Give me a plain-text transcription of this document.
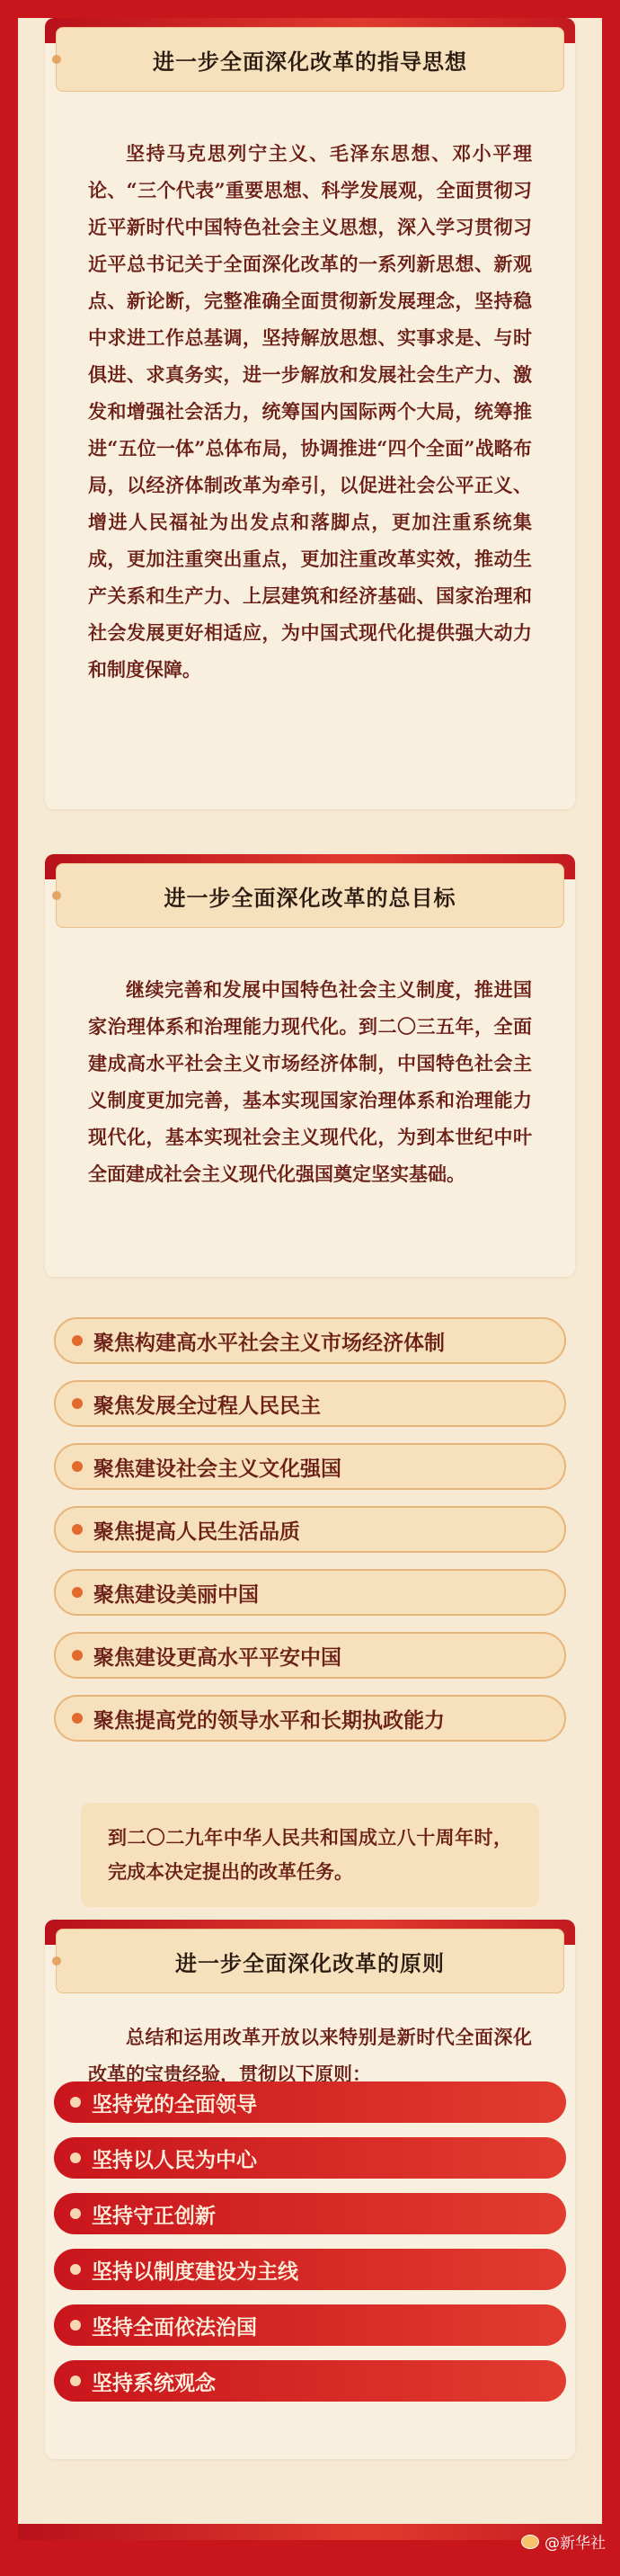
进一步全面深化改革的指导思想
坚持马克思列宁主义、毛泽东思想、邓小平理论、“三个代表”重要思想、科学发展观，全面贯彻习近平新时代中国特色社会主义思想，深入学习贯彻习近平总书记关于全面深化改革的一系列新思想、新观点、新论断，完整准确全面贯彻新发展理念，坚持稳中求进工作总基调，坚持解放思想、实事求是、与时俱进、求真务实，进一步解放和发展社会生产力、激发和增强社会活力，统筹国内国际两个大局，统筹推进“五位一体”总体布局，协调推进“四个全面”战略布局，以经济体制改革为牵引，以促进社会公平正义、增进人民福祉为出发点和落脚点，更加注重系统集成，更加注重突出重点，更加注重改革实效，推动生产关系和生产力、上层建筑和经济基础、国家治理和社会发展更好相适应，为中国式现代化提供强大动力和制度保障。
进一步全面深化改革的总目标
继续完善和发展中国特色社会主义制度，推进国家治理体系和治理能力现代化。到二〇三五年，全面建成高水平社会主义市场经济体制，中国特色社会主义制度更加完善，基本实现国家治理体系和治理能力现代化，基本实现社会主义现代化，为到本世纪中叶全面建成社会主义现代化强国奠定坚实基础。
聚焦构建高水平社会主义市场经济体制
聚焦发展全过程人民民主
聚焦建设社会主义文化强国
聚焦提高人民生活品质
聚焦建设美丽中国
聚焦建设更高水平平安中国
聚焦提高党的领导水平和长期执政能力
到二〇二九年中华人民共和国成立八十周年时，完成本决定提出的改革任务。
进一步全面深化改革的原则
总结和运用改革开放以来特别是新时代全面深化改革的宝贵经验，贯彻以下原则：
坚持党的全面领导
坚持以人民为中心
坚持守正创新
坚持以制度建设为主线
坚持全面依法治国
坚持系统观念
@新华社
